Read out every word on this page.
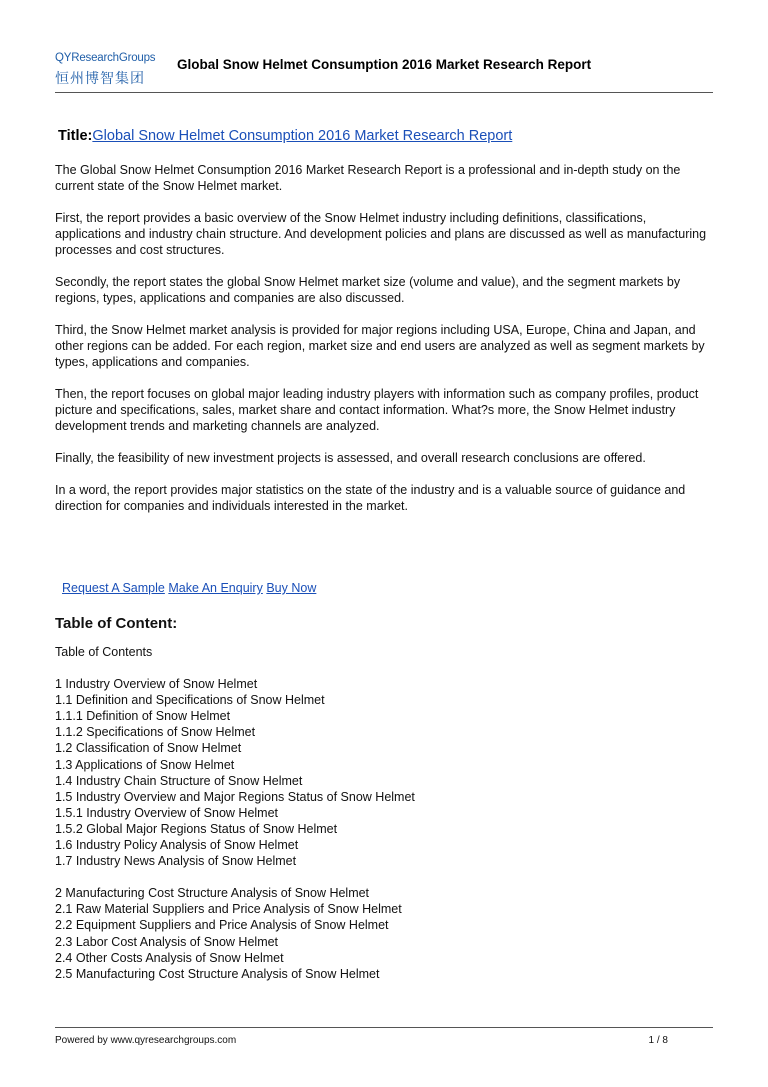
QYResearchGroups
恒州博智集团
Global Snow Helmet Consumption 2016 Market Research Report
Title:Global Snow Helmet Consumption 2016 Market Research Report

The Global Snow Helmet Consumption 2016 Market Research Report is a professional and in-depth study on the current state of the Snow Helmet market.

First, the report provides a basic overview of the Snow Helmet industry including definitions, classifications, applications and industry chain structure. And development policies and plans are discussed as well as manufacturing processes and cost structures.

Secondly, the report states the global Snow Helmet market size (volume and value), and the segment markets by regions, types, applications and companies are also discussed.

Third, the Snow Helmet market analysis is provided for major regions including USA, Europe, China and Japan, and other regions can be added. For each region, market size and end users are analyzed as well as segment markets by types, applications and companies.

Then, the report focuses on global major leading industry players with information such as company profiles, product picture and specifications, sales, market share and contact information. What?s more, the Snow Helmet industry development trends and marketing channels are analyzed.

Finally, the feasibility of new investment projects is assessed, and overall research conclusions are offered.

In a word, the report provides major statistics on the state of the industry and is a valuable source of guidance and direction for companies and individuals interested in the market.

Request A Sample Make An Enquiry Buy Now
Table of Content:
Table of Contents
1 Industry Overview of Snow Helmet
1.1 Definition and Specifications of Snow Helmet
1.1.1 Definition of Snow Helmet
1.1.2 Specifications of Snow Helmet
1.2 Classification of Snow Helmet
1.3 Applications of Snow Helmet
1.4 Industry Chain Structure of Snow Helmet
1.5 Industry Overview and Major Regions Status of Snow Helmet
1.5.1 Industry Overview of Snow Helmet
1.5.2 Global Major Regions Status of Snow Helmet
1.6 Industry Policy Analysis of Snow Helmet
1.7 Industry News Analysis of Snow Helmet
2 Manufacturing Cost Structure Analysis of Snow Helmet
2.1 Raw Material Suppliers and Price Analysis of Snow Helmet
2.2 Equipment Suppliers and Price Analysis of Snow Helmet
2.3 Labor Cost Analysis of Snow Helmet
2.4 Other Costs Analysis of Snow Helmet
2.5 Manufacturing Cost Structure Analysis of Snow Helmet
Powered by www.qyresearchgroups.com	1 / 8
